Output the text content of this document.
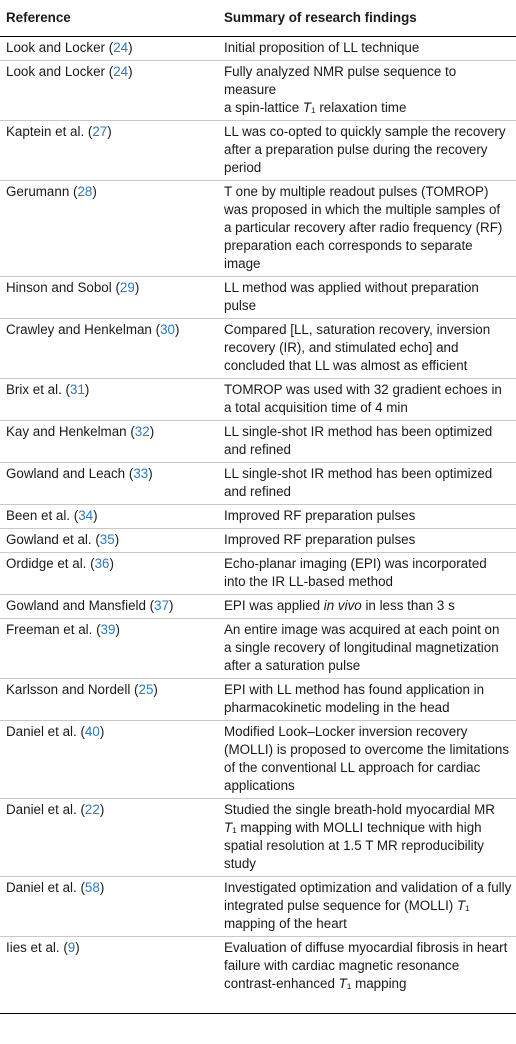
Reference	Summary of research findings
Look and Locker (24)	Initial proposition of LL technique

Look and Locker (24)	Fully analyzed NMR pulse sequence to measure
a spin-lattice T₁ relaxation time

Kaptein et al. (27)	LL was co-opted to quickly sample the recovery
after a preparation pulse during the recovery
period

Gerumann (28)	T one by multiple readout pulses (TOMROP)
was proposed in which the multiple samples of
a particular recovery after radio frequency (RF)
preparation each corresponds to separate
image

Hinson and Sobol (29)	LL method was applied without preparation
pulse

Crawley and Henkelman (30)	Compared [LL, saturation recovery, inversion
recovery (IR), and stimulated echo] and
concluded that LL was almost as efficient

Brix et al. (31)	TOMROP was used with 32 gradient echoes in
a total acquisition time of 4 min

Kay and Henkelman (32)	LL single-shot IR method has been optimized
and refined

Gowland and Leach (33)	LL single-shot IR method has been optimized
and refined

Been et al. (34)	Improved RF preparation pulses

Gowland et al. (35)	Improved RF preparation pulses

Ordidge et al. (36)	Echo-planar imaging (EPI) was incorporated
into the IR LL-based method

Gowland and Mansfield (37)	EPI was applied in vivo in less than 3 s

Freeman et al. (39)	An entire image was acquired at each point on
a single recovery of longitudinal magnetization
after a saturation pulse

Karlsson and Nordell (25)	EPI with LL method has found application in
pharmacokinetic modeling in the head

Daniel et al. (40)	Modified Look–Locker inversion recovery
(MOLLI) is proposed to overcome the limitations
of the conventional LL approach for cardiac
applications

Daniel et al. (22)	Studied the single breath-hold myocardial MR
T₁ mapping with MOLLI technique with high
spatial resolution at 1.5 T MR reproducibility
study

Daniel et al. (58)	Investigated optimization and validation of a fully
integrated pulse sequence for (MOLLI) T₁
mapping of the heart

Iies et al. (9)	Evaluation of diffuse myocardial fibrosis in heart
failure with cardiac magnetic resonance
contrast-enhanced T₁ mapping
